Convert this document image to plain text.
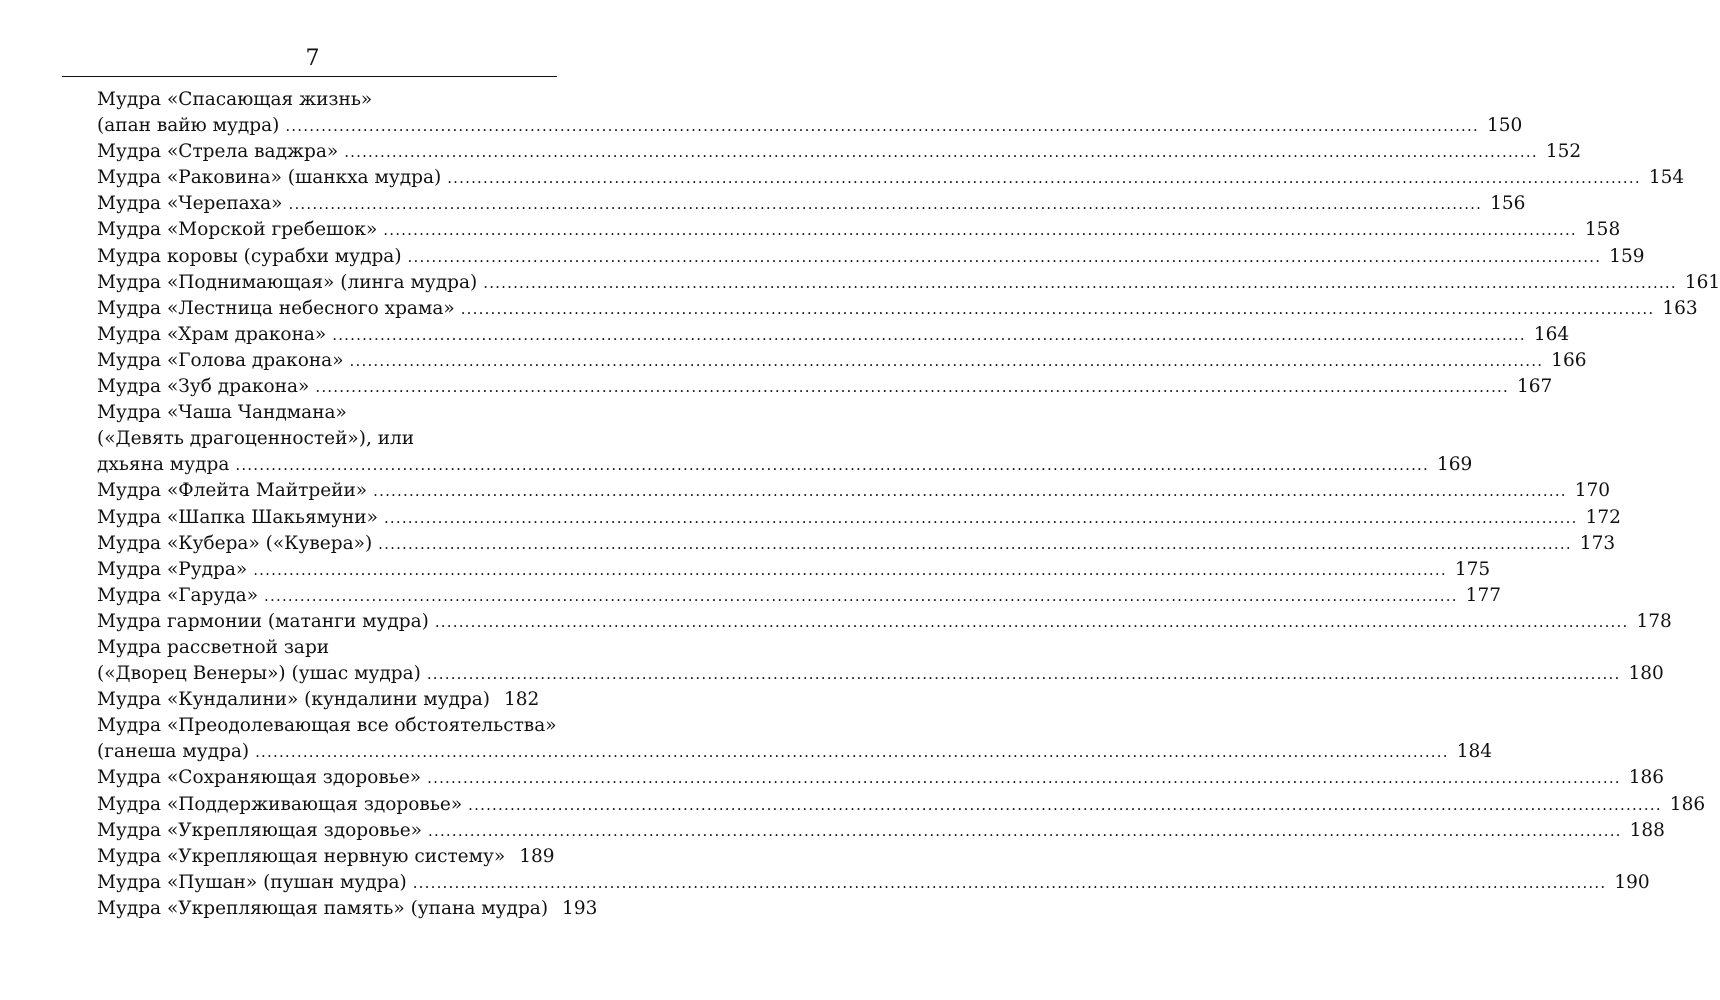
7
Мудра «Спасающая жизнь»
(апан вайю мудра) ........................................................................................................................................................................................................ 150
Мудра «Стрела ваджра» ........................................................................................................................................................................................................ 152
Мудра «Раковина» (шанкха мудра) ........................................................................................................................................................................................................ 154
Мудра «Черепаха» ........................................................................................................................................................................................................ 156
Мудра «Морской гребешок» ........................................................................................................................................................................................................ 158
Мудра коровы (сурабхи мудра) ........................................................................................................................................................................................................ 159
Мудра «Поднимающая» (линга мудра) ........................................................................................................................................................................................................ 161
Мудра «Лестница небесного храма» ........................................................................................................................................................................................................ 163
Мудра «Храм дракона» ........................................................................................................................................................................................................ 164
Мудра «Голова дракона» ........................................................................................................................................................................................................ 166
Мудра «Зуб дракона» ........................................................................................................................................................................................................ 167
Мудра «Чаша Чандмана»
(«Девять драгоценностей»), или
дхьяна мудра ........................................................................................................................................................................................................ 169
Мудра «Флейта Майтрейи» ........................................................................................................................................................................................................ 170
Мудра «Шапка Шакьямуни» ........................................................................................................................................................................................................ 172
Мудра «Кубера» («Кувера») ........................................................................................................................................................................................................ 173
Мудра «Рудра» ........................................................................................................................................................................................................ 175
Мудра «Гаруда» ........................................................................................................................................................................................................ 177
Мудра гармонии (матанги мудра) ........................................................................................................................................................................................................ 178
Мудра рассветной зари
(«Дворец Венеры») (ушас мудра) ........................................................................................................................................................................................................ 180
Мудра «Кундалини» (кундалини мудра) 182
Мудра «Преодолевающая все обстоятельства»
(ганеша мудра) ........................................................................................................................................................................................................ 184
Мудра «Сохраняющая здоровье» ........................................................................................................................................................................................................ 186
Мудра «Поддерживающая здоровье» ........................................................................................................................................................................................................ 186
Мудра «Укрепляющая здоровье» ........................................................................................................................................................................................................ 188
Мудра «Укрепляющая нервную систему» 189
Мудра «Пушан» (пушан мудра) ........................................................................................................................................................................................................ 190
Мудра «Укрепляющая память» (упана мудра) 193
